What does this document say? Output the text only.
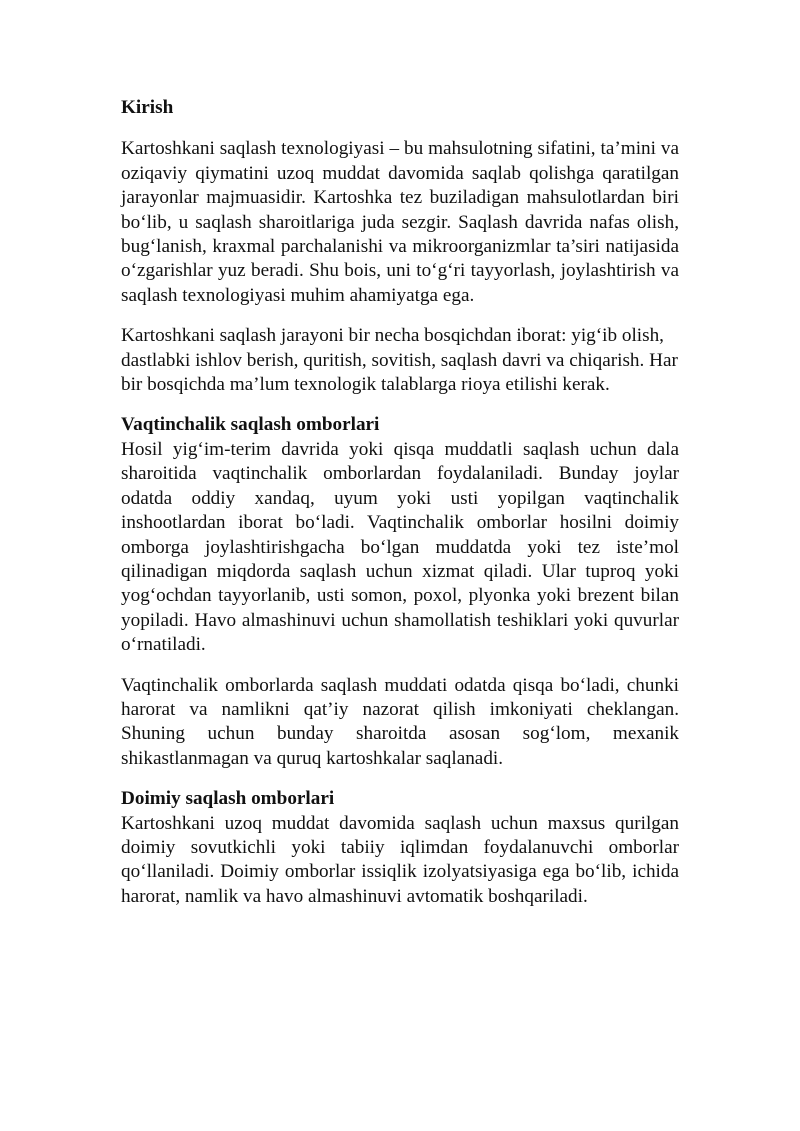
Kirish

Kartoshkani saqlash texnologiyasi – bu mahsulotning sifatini, ta’mini va oziqaviy qiymatini uzoq muddat davomida saqlab qolishga qaratilgan jarayonlar majmuasidir. Kartoshka tez buziladigan mahsulotlardan biri bo‘lib, u saqlash sharoitlariga juda sezgir. Saqlash davrida nafas olish, bug‘lanish, kraxmal parchalanishi va mikroorganizmlar ta’siri natijasida o‘zgarishlar yuz beradi. Shu bois, uni to‘g‘ri tayyorlash, joylashtirish va saqlash texnologiyasi muhim ahamiyatga ega.

Kartoshkani saqlash jarayoni bir necha bosqichdan iborat: yig‘ib olish, dastlabki ishlov berish, quritish, sovitish, saqlash davri va chiqarish. Har bir bosqichda ma’lum texnologik talablarga rioya etilishi kerak.

Vaqtinchalik saqlash omborlari

Hosil yig‘im-terim davrida yoki qisqa muddatli saqlash uchun dala sharoitida vaqtinchalik omborlardan foydalaniladi. Bunday joylar odatda oddiy xandaq, uyum yoki usti yopilgan vaqtinchalik inshootlardan iborat bo‘ladi. Vaqtinchalik omborlar hosilni doimiy omborga joylashtirishgacha bo‘lgan muddatda yoki tez iste’mol qilinadigan miqdorda saqlash uchun xizmat qiladi. Ular tuproq yoki yog‘ochdan tayyorlanib, usti somon, poxol, plyonka yoki brezent bilan yopiladi. Havo almashinuvi uchun shamollatish teshiklari yoki quvurlar o‘rnatiladi.

Vaqtinchalik omborlarda saqlash muddati odatda qisqa bo‘ladi, chunki harorat va namlikni qat’iy nazorat qilish imkoniyati cheklangan. Shuning uchun bunday sharoitda asosan sog‘lom, mexanik shikastlanmagan va quruq kartoshkalar saqlanadi.

Doimiy saqlash omborlari

Kartoshkani uzoq muddat davomida saqlash uchun maxsus qurilgan doimiy sovutkichli yoki tabiiy iqlimdan foydalanuvchi omborlar qo‘llaniladi. Doimiy omborlar issiqlik izolyatsiyasiga ega bo‘lib, ichida harorat, namlik va havo almashinuvi avtomatik boshqariladi.
